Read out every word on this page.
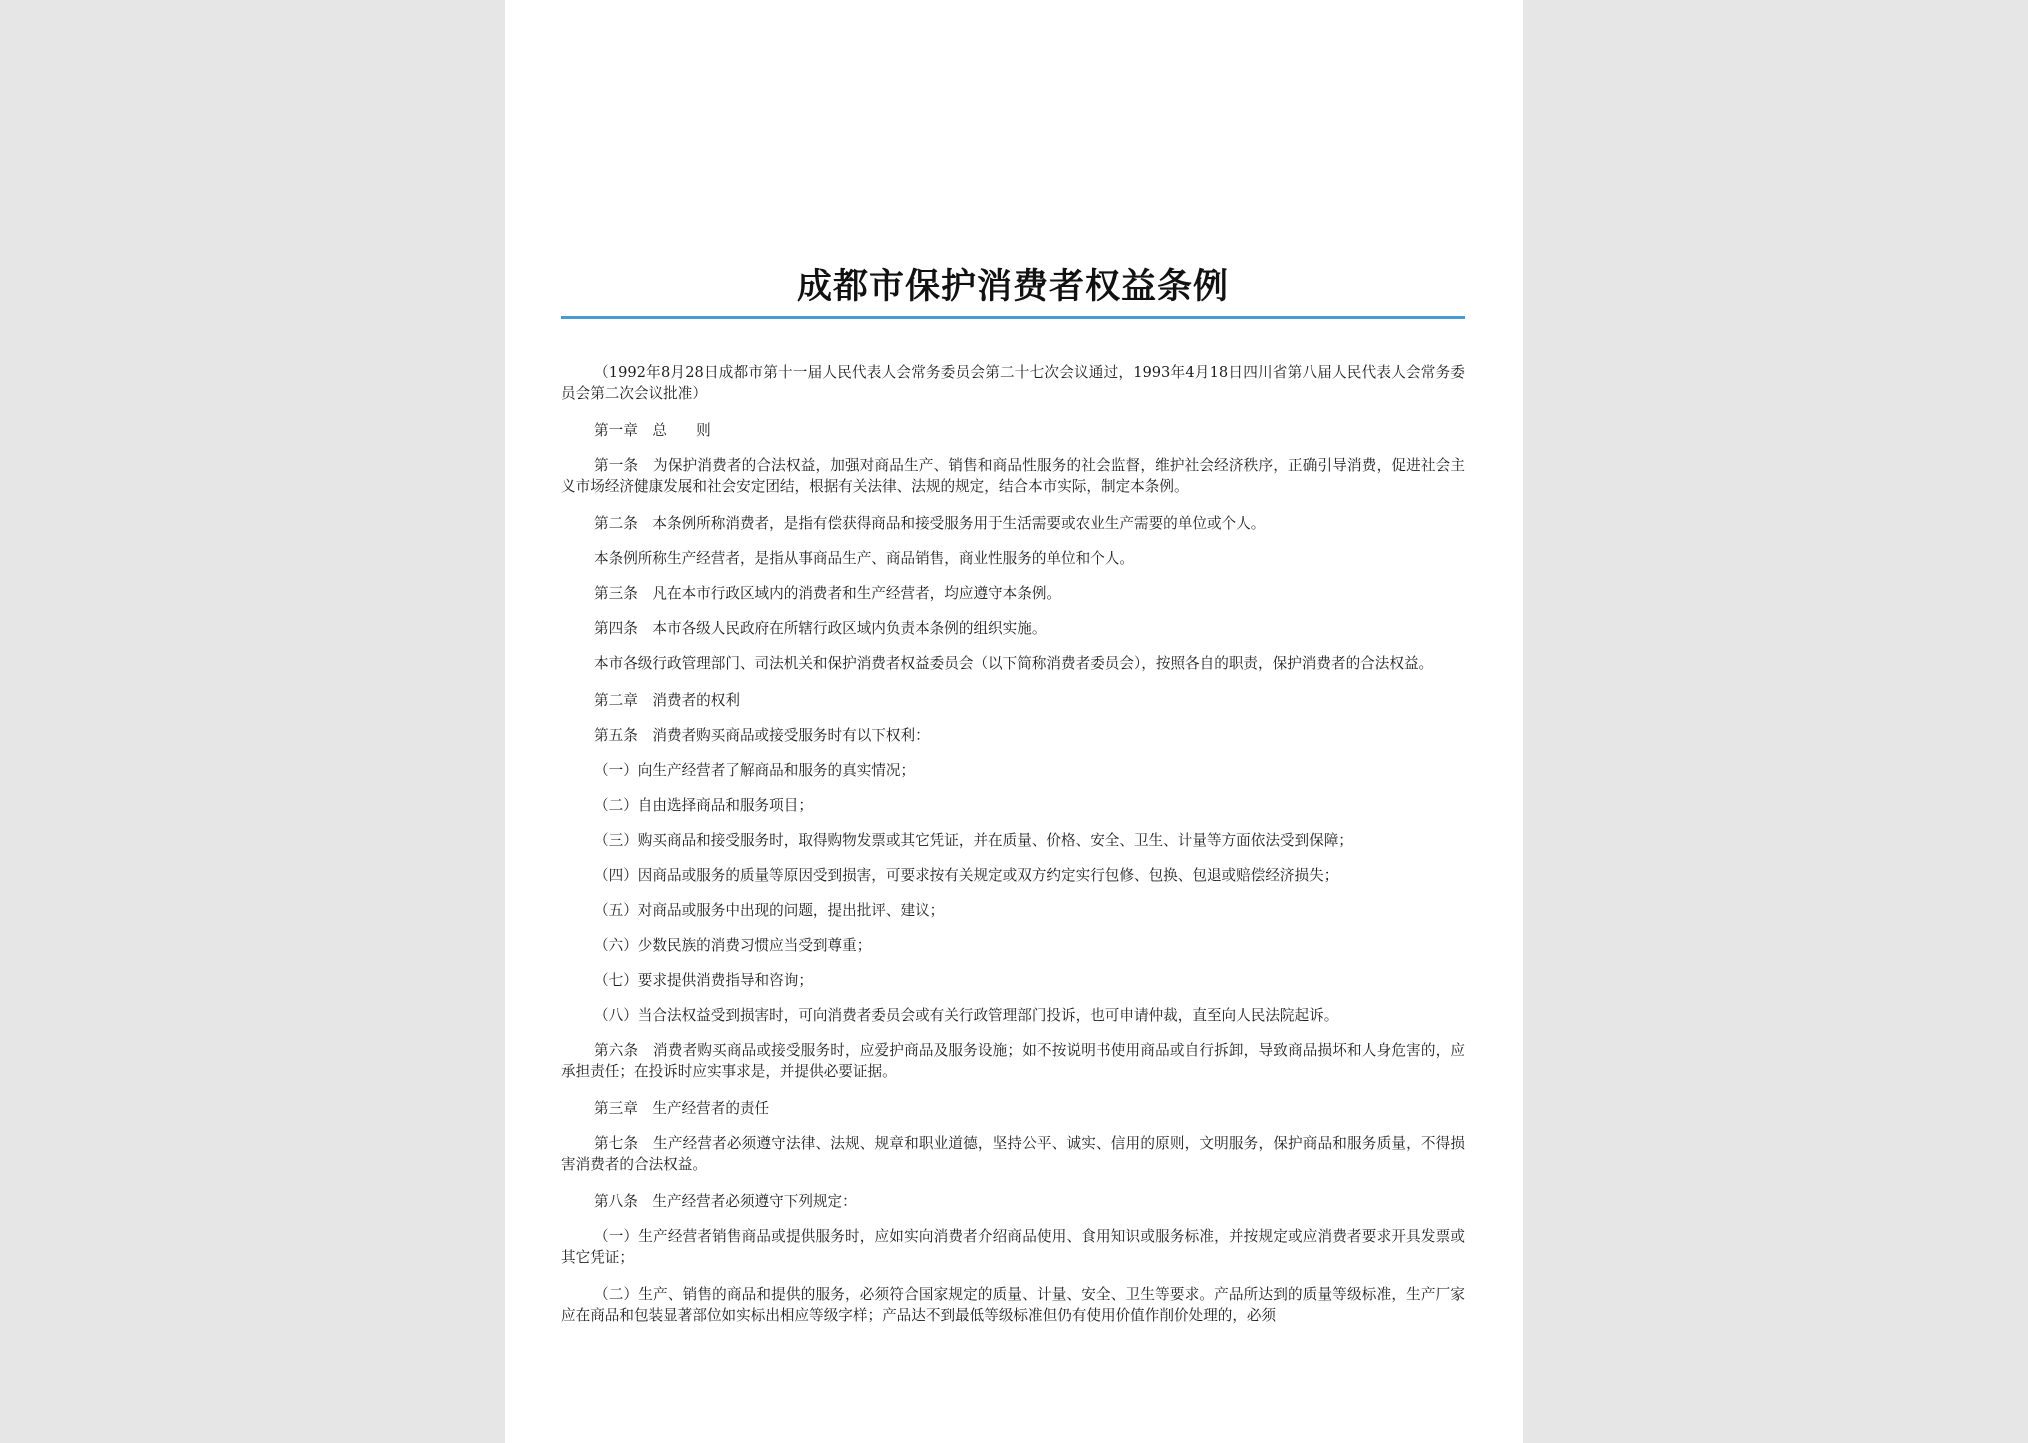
成都市保护消费者权益条例

（1992年8月28日成都市第十一届人民代表人会常务委员会第二十七次会议通过，1993年4月18日四川省第八届人民代表人会常务委员会第二次会议批准）

第一章　总　　则

第一条　为保护消费者的合法权益，加强对商品生产、销售和商品性服务的社会监督，维护社会经济秩序，正确引导消费，促进社会主义市场经济健康发展和社会安定团结，根据有关法律、法规的规定，结合本市实际，制定本条例。

第二条　本条例所称消费者，是指有偿获得商品和接受服务用于生活需要或农业生产需要的单位或个人。

本条例所称生产经营者，是指从事商品生产、商品销售，商业性服务的单位和个人。

第三条　凡在本市行政区域内的消费者和生产经营者，均应遵守本条例。

第四条　本市各级人民政府在所辖行政区域内负责本条例的组织实施。

本市各级行政管理部门、司法机关和保护消费者权益委员会（以下简称消费者委员会），按照各自的职责，保护消费者的合法权益。

第二章　消费者的权利

第五条　消费者购买商品或接受服务时有以下权利：

（一）向生产经营者了解商品和服务的真实情况；

（二）自由选择商品和服务项目；

（三）购买商品和接受服务时，取得购物发票或其它凭证，并在质量、价格、安全、卫生、计量等方面依法受到保障；

（四）因商品或服务的质量等原因受到损害，可要求按有关规定或双方约定实行包修、包换、包退或赔偿经济损失；

（五）对商品或服务中出现的问题，提出批评、建议；

（六）少数民族的消费习惯应当受到尊重；

（七）要求提供消费指导和咨询；

（八）当合法权益受到损害时，可向消费者委员会或有关行政管理部门投诉，也可申请仲裁，直至向人民法院起诉。

第六条　消费者购买商品或接受服务时，应爱护商品及服务设施；如不按说明书使用商品或自行拆卸，导致商品损坏和人身危害的，应承担责任；在投诉时应实事求是，并提供必要证据。

第三章　生产经营者的责任

第七条　生产经营者必须遵守法律、法规、规章和职业道德，坚持公平、诚实、信用的原则，文明服务，保护商品和服务质量，不得损害消费者的合法权益。

第八条　生产经营者必须遵守下列规定：

（一）生产经营者销售商品或提供服务时，应如实向消费者介绍商品使用、食用知识或服务标准，并按规定或应消费者要求开具发票或其它凭证；

（二）生产、销售的商品和提供的服务，必须符合国家规定的质量、计量、安全、卫生等要求。产品所达到的质量等级标准，生产厂家应在商品和包装显著部位如实标出相应等级字样；产品达不到最低等级标准但仍有使用价值作削价处理的，必须
